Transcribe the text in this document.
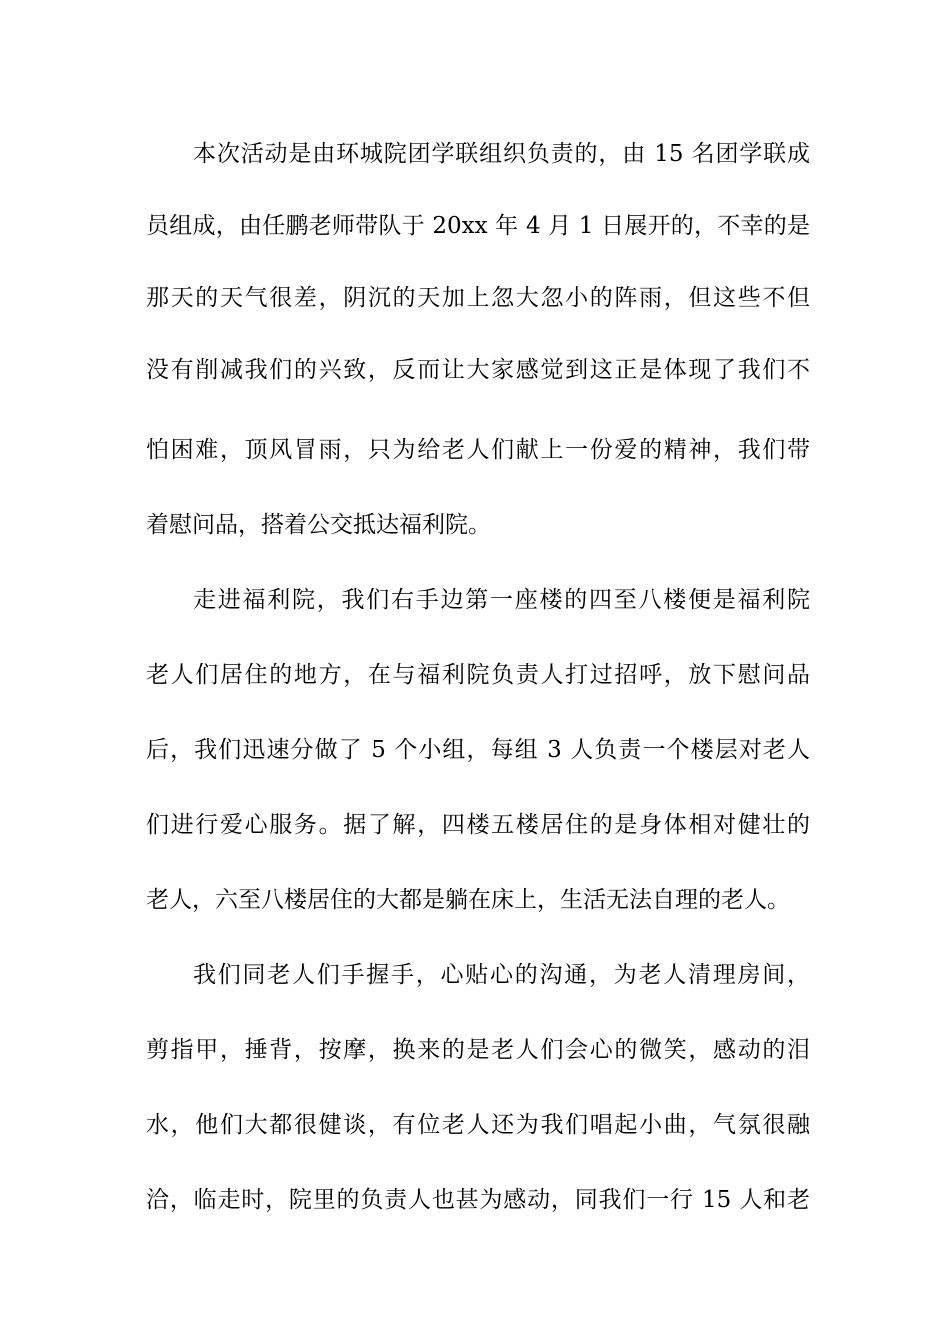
本次活动是由环城院团学联组织负责的，由 15 名团学联成
员组成，由任鹏老师带队于 20xx 年 4 月 1 日展开的，不幸的是
那天的天气很差，阴沉的天加上忽大忽小的阵雨，但这些不但
没有削减我们的兴致，反而让大家感觉到这正是体现了我们不
怕困难，顶风冒雨，只为给老人们献上一份爱的精神，我们带
着慰问品，搭着公交抵达福利院。
走进福利院，我们右手边第一座楼的四至八楼便是福利院
老人们居住的地方，在与福利院负责人打过招呼，放下慰问品
后，我们迅速分做了 5 个小组，每组 3 人负责一个楼层对老人
们进行爱心服务。据了解，四楼五楼居住的是身体相对健壮的
老人，六至八楼居住的大都是躺在床上，生活无法自理的老人。
我们同老人们手握手，心贴心的沟通，为老人清理房间，
剪指甲，捶背，按摩，换来的是老人们会心的微笑，感动的泪
水，他们大都很健谈，有位老人还为我们唱起小曲，气氛很融
洽，临走时，院里的负责人也甚为感动，同我们一行 15 人和老
